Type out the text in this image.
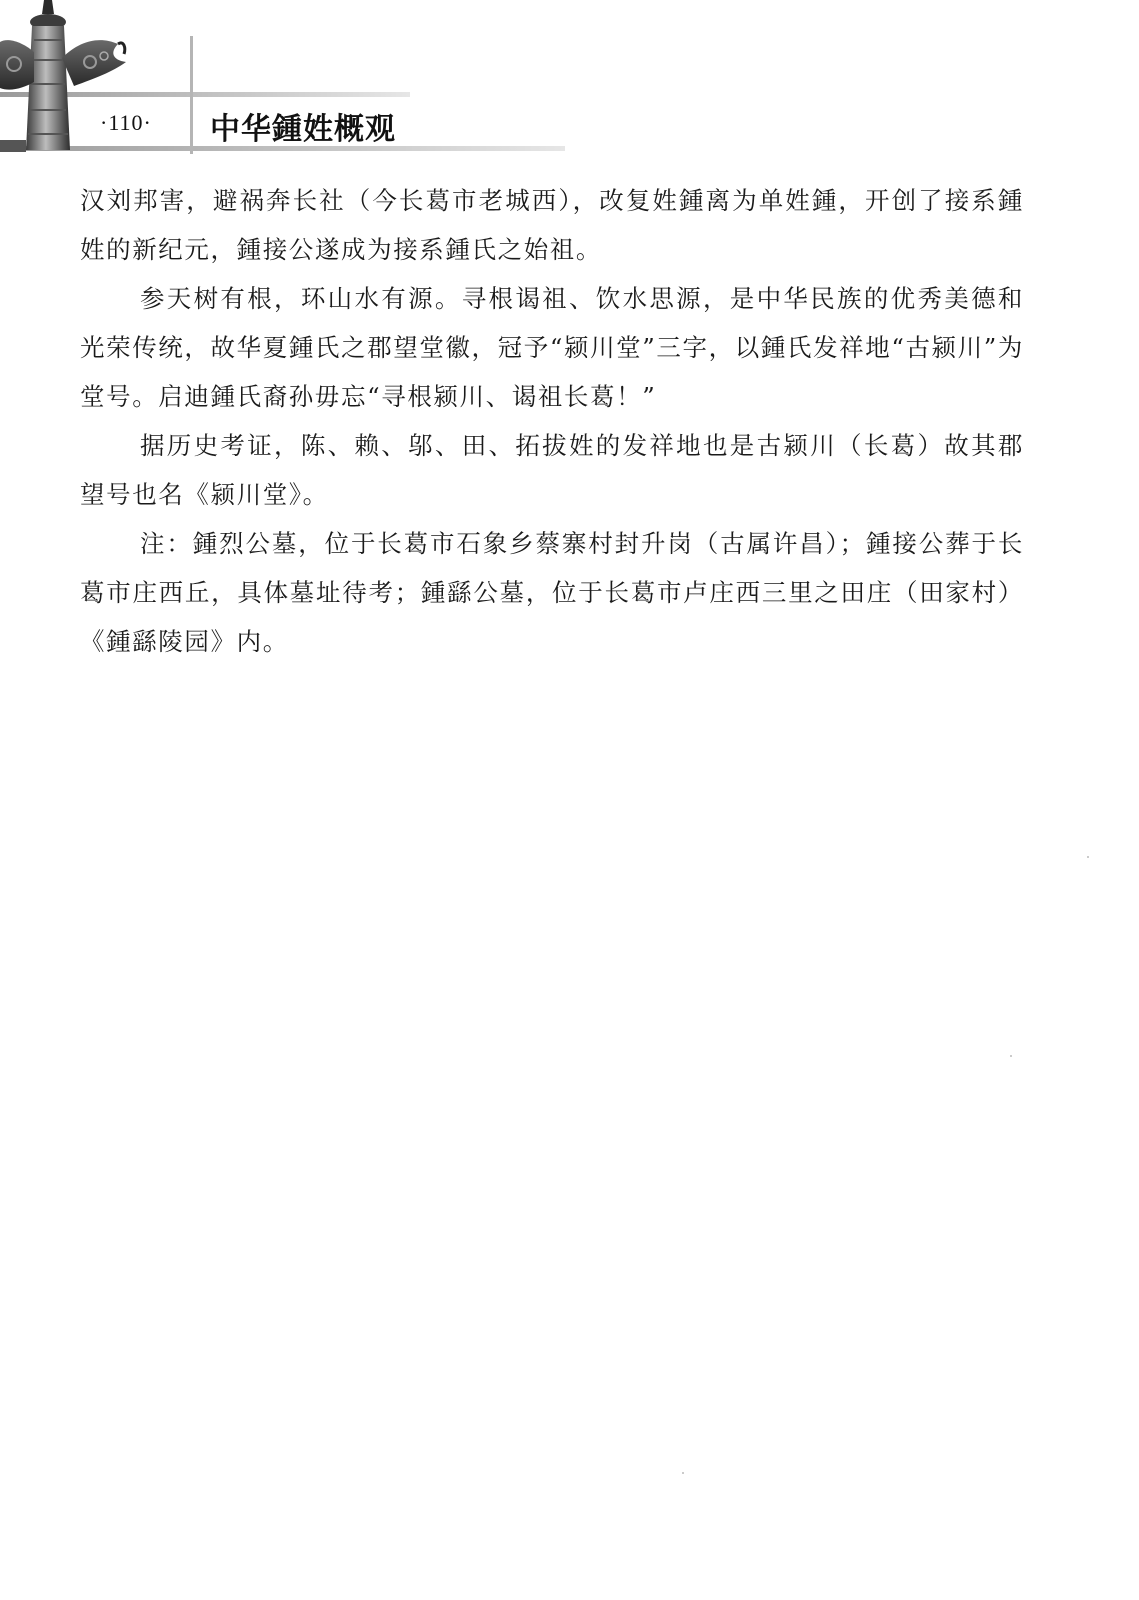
·110· 中华鍾姓概观

汉刘邦害，避祸奔长社（今长葛市老城西），改复姓鍾离为单姓鍾，开创了接系鍾姓的新纪元，鍾接公遂成为接系鍾氏之始祖。

参天树有根，环山水有源。寻根谒祖、饮水思源，是中华民族的优秀美德和光荣传统，故华夏鍾氏之郡望堂徽，冠予“颍川堂”三字，以鍾氏发祥地“古颍川”为堂号。启迪鍾氏裔孙毋忘“寻根颍川、谒祖长葛！”

据历史考证，陈、赖、邬、田、拓拔姓的发祥地也是古颍川（长葛）故其郡望号也名《颍川堂》。

注：鍾烈公墓，位于长葛市石象乡蔡寨村封升岗（古属许昌）；鍾接公葬于长葛市庄西丘，具体墓址待考；鍾繇公墓，位于长葛市卢庄西三里之田庄（田家村）《鍾繇陵园》内。
